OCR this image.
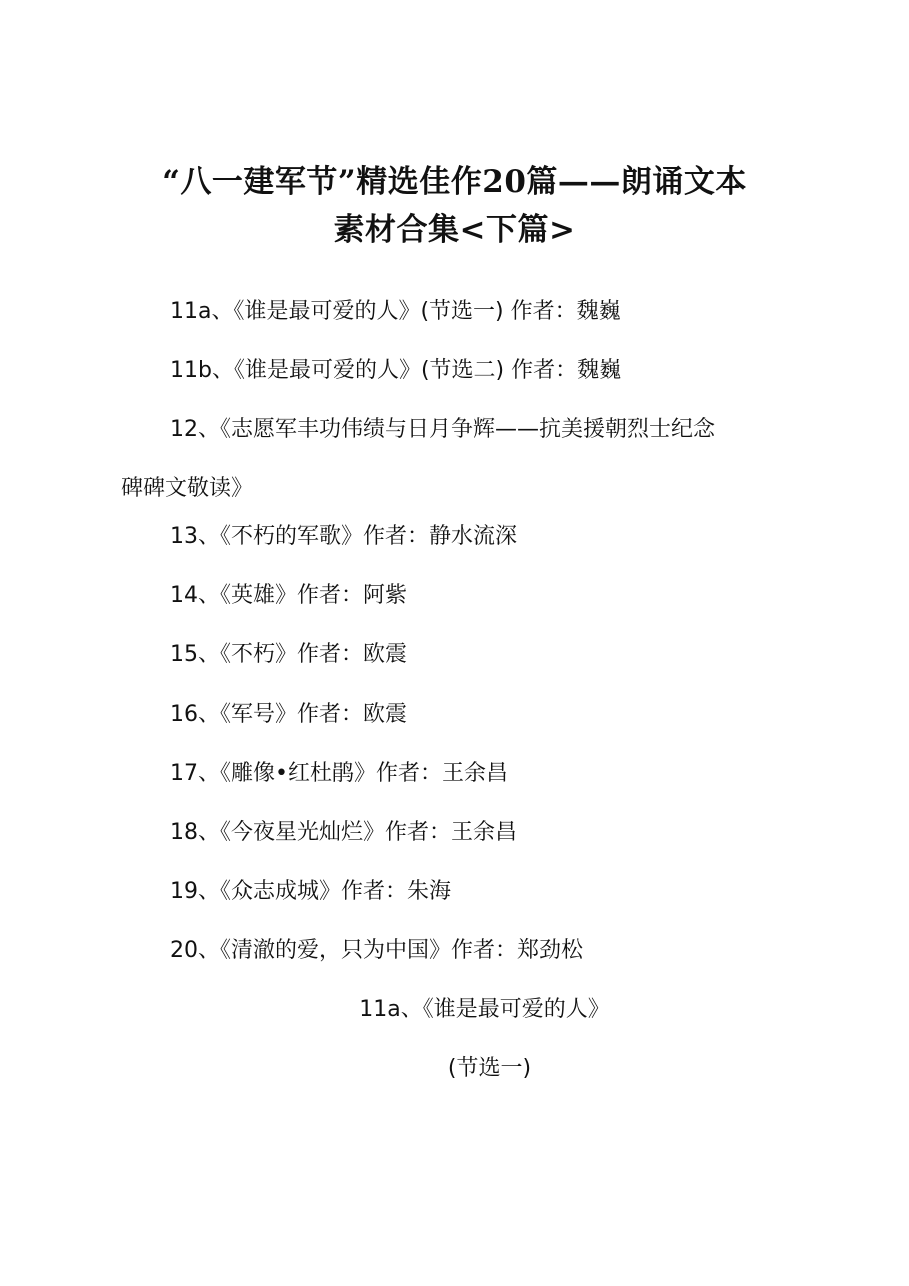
“八一建军节”精选佳作20篇——朗诵文本
素材合集<下篇>
11a、《谁是最可爱的人》(节选一) 作者：魏巍
11b、《谁是最可爱的人》(节选二) 作者：魏巍
12、《志愿军丰功伟绩与日月争辉——抗美援朝烈士纪念
碑碑文敬读》
13、《不朽的军歌》作者：静水流深
14、《英雄》作者：阿紫
15、《不朽》作者：欧震
16、《军号》作者：欧震
17、《雕像•红杜鹃》作者：王余昌
18、《今夜星光灿烂》作者：王余昌
19、《众志成城》作者：朱海
20、《清澈的爱，只为中国》作者：郑劲松
11a、《谁是最可爱的人》
(节选一)
